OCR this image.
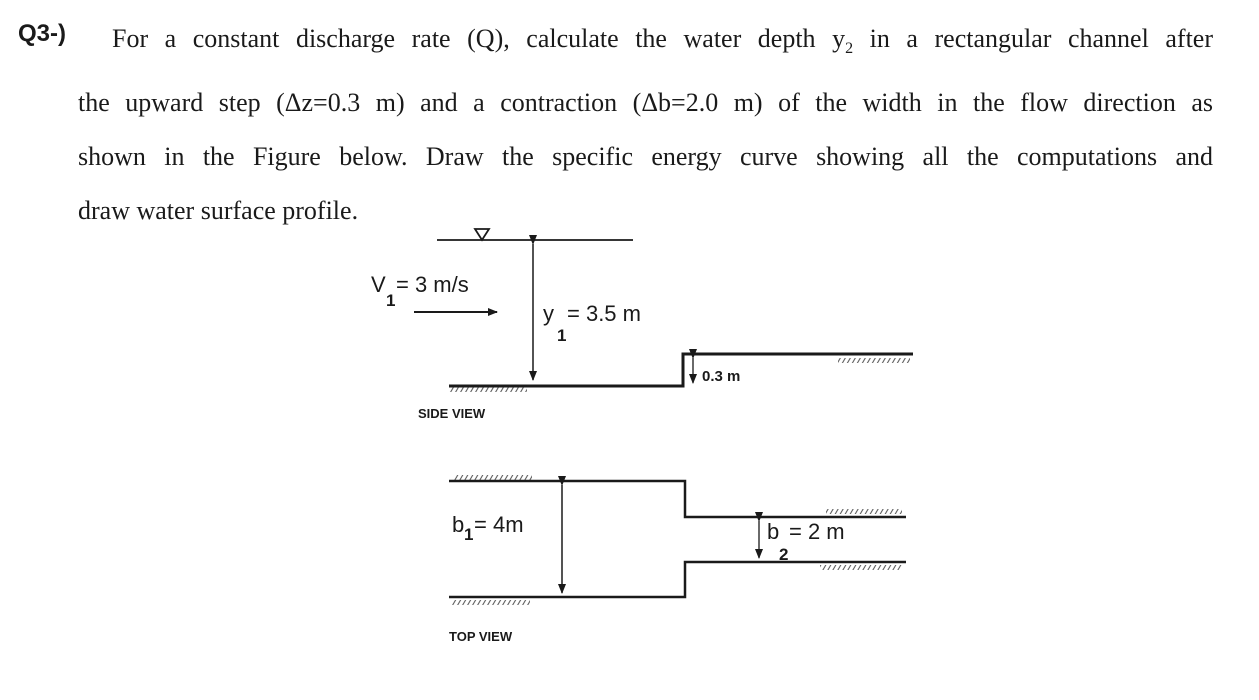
Q3-)	For a constant discharge rate (Q), calculate the water depth $y_2$ in a rectangular channel after
the upward step (Δz=0.3 m) and a contraction (Δb=2.0 m) of the width in the flow direction as
shown in the Figure below. Draw the specific energy curve showing all the computations and
draw water surface profile.
V
1
= 3 m/s
y
1
= 3.5 m
0.3 m
SIDE VIEW
b 1 = 4m	b
2
= 2 m
TOP VIEW
